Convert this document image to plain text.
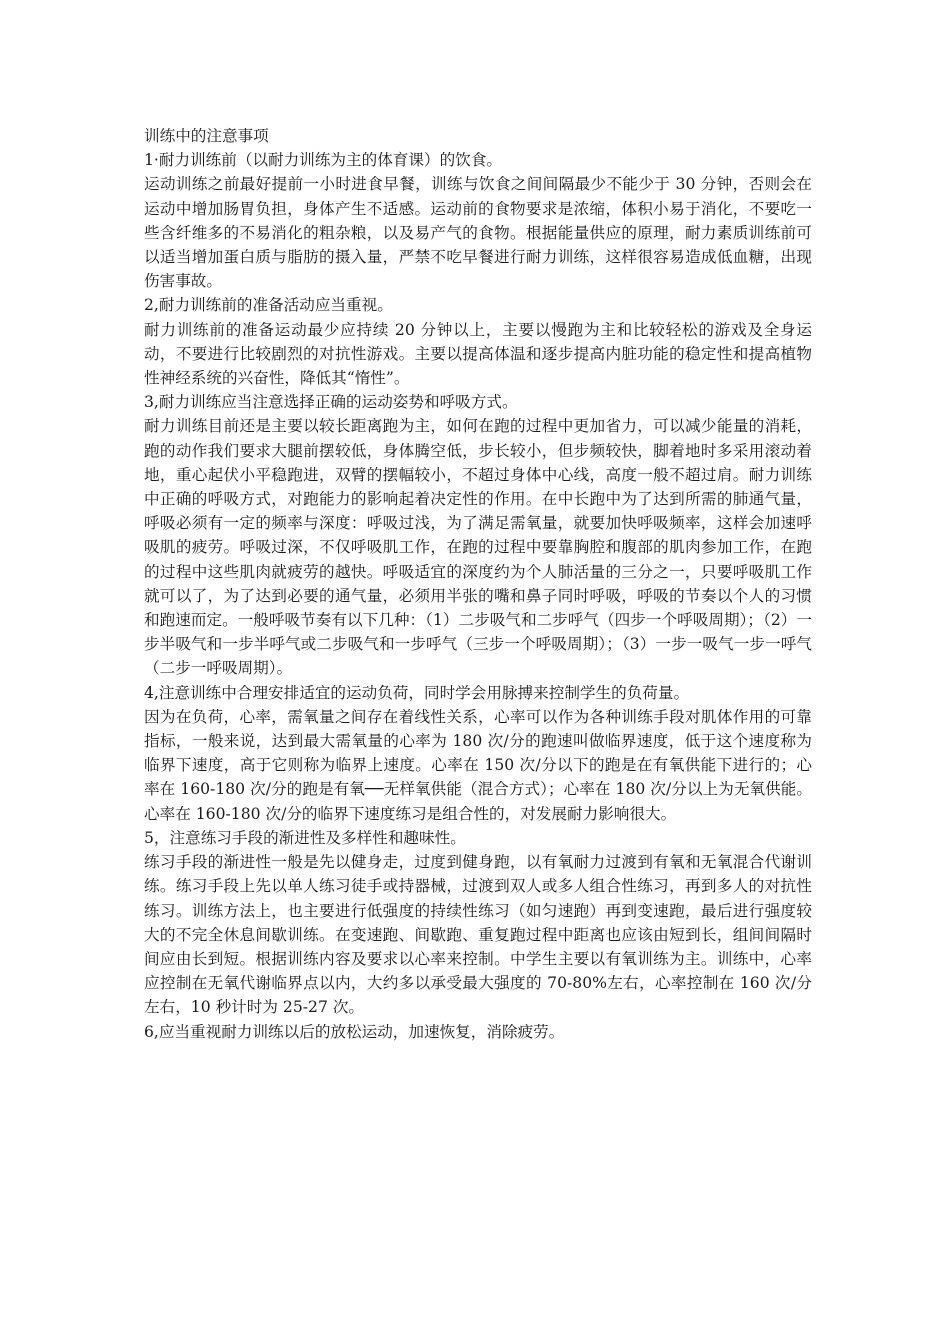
训练中的注意事项

1·耐力训练前（以耐力训练为主的体育课）的饮食。

运动训练之前最好提前一小时进食早餐，训练与饮食之间间隔最少不能少于 30 分钟，否则会在运动中增加肠胃负担，身体产生不适感。运动前的食物要求是浓缩，体积小易于消化，不要吃一些含纤维多的不易消化的粗杂粮，以及易产气的食物。根据能量供应的原理，耐力素质训练前可以适当增加蛋白质与脂肪的摄入量，严禁不吃早餐进行耐力训练，这样很容易造成低血糖，出现伤害事故。

2,耐力训练前的准备活动应当重视。

耐力训练前的准备运动最少应持续 20 分钟以上，主要以慢跑为主和比较轻松的游戏及全身运动，不要进行比较剧烈的对抗性游戏。主要以提高体温和逐步提高内脏功能的稳定性和提高植物性神经系统的兴奋性，降低其“惰性”。

3,耐力训练应当注意选择正确的运动姿势和呼吸方式。

耐力训练目前还是主要以较长距离跑为主，如何在跑的过程中更加省力，可以减少能量的消耗，跑的动作我们要求大腿前摆较低，身体腾空低，步长较小，但步频较快，脚着地时多采用滚动着地，重心起伏小平稳跑进，双臂的摆幅较小，不超过身体中心线，高度一般不超过肩。耐力训练中正确的呼吸方式，对跑能力的影响起着决定性的作用。在中长跑中为了达到所需的肺通气量，呼吸必须有一定的频率与深度：呼吸过浅，为了满足需氧量，就要加快呼吸频率，这样会加速呼吸肌的疲劳。呼吸过深，不仅呼吸肌工作，在跑的过程中要靠胸腔和腹部的肌肉参加工作，在跑的过程中这些肌肉就疲劳的越快。呼吸适宜的深度约为个人肺活量的三分之一，只要呼吸肌工作就可以了，为了达到必要的通气量，必须用半张的嘴和鼻子同时呼吸，呼吸的节奏以个人的习惯和跑速而定。一般呼吸节奏有以下几种：（1）二步吸气和二步呼气（四步一个呼吸周期）；（2）一步半吸气和一步半呼气或二步吸气和一步呼气（三步一个呼吸周期）；（3）一步一吸气一步一呼气（二步一呼吸周期）。

4,注意训练中合理安排适宜的运动负荷，同时学会用脉搏来控制学生的负荷量。

因为在负荷，心率，需氧量之间存在着线性关系，心率可以作为各种训练手段对肌体作用的可靠指标，一般来说，达到最大需氧量的心率为 180 次/分的跑速叫做临界速度，低于这个速度称为临界下速度，高于它则称为临界上速度。心率在 150 次/分以下的跑是在有氧供能下进行的；心率在 160-180 次/分的跑是有氧──无样氧供能（混合方式）；心率在 180 次/分以上为无氧供能。心率在 160-180 次/分的临界下速度练习是组合性的，对发展耐力影响很大。

5，注意练习手段的渐进性及多样性和趣味性。

练习手段的渐进性一般是先以健身走，过度到健身跑，以有氧耐力过渡到有氧和无氧混合代谢训练。练习手段上先以单人练习徒手或持器械，过渡到双人或多人组合性练习，再到多人的对抗性练习。训练方法上，也主要进行低强度的持续性练习（如匀速跑）再到变速跑，最后进行强度较大的不完全休息间歇训练。在变速跑、间歇跑、重复跑过程中距离也应该由短到长，组间间隔时间应由长到短。根据训练内容及要求以心率来控制。中学生主要以有氧训练为主。训练中，心率应控制在无氧代谢临界点以内，大约多以承受最大强度的 70-80%左右，心率控制在 160 次/分左右，10 秒计时为 25-27 次。

6,应当重视耐力训练以后的放松运动，加速恢复，消除疲劳。
